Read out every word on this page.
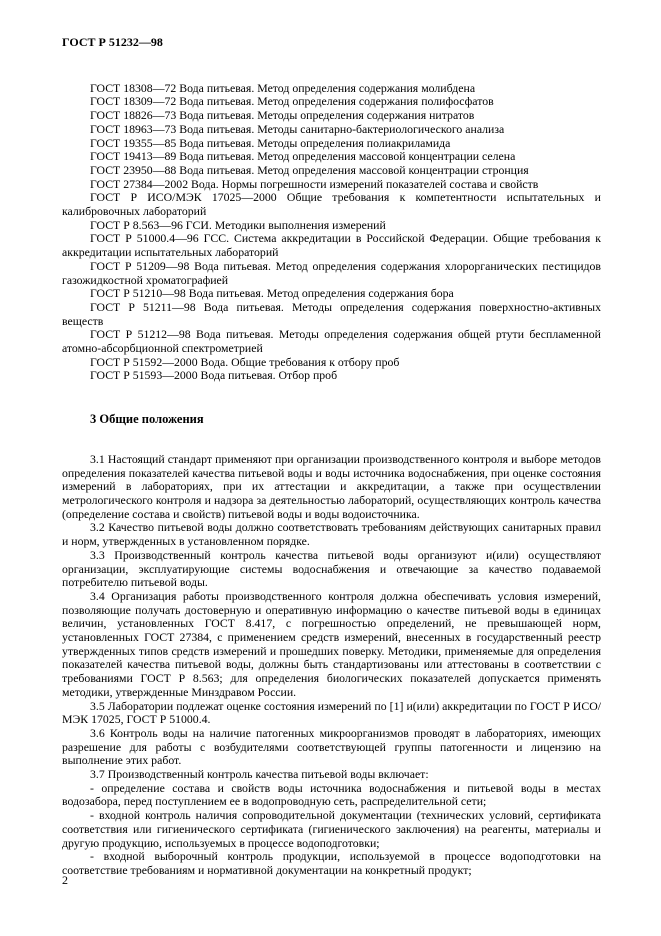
ГОСТ Р 51232—98

ГОСТ 18308—72 Вода питьевая. Метод определения содержания молибдена

ГОСТ 18309—72 Вода питьевая. Метод определения содержания полифосфатов

ГОСТ 18826—73 Вода питьевая. Методы определения содержания нитратов

ГОСТ 18963—73 Вода питьевая. Методы санитарно-бактериологического анализа

ГОСТ 19355—85 Вода питьевая. Методы определения полиакриламида

ГОСТ 19413—89 Вода питьевая. Метод определения массовой концентрации селена

ГОСТ 23950—88 Вода питьевая. Метод определения массовой концентрации стронция

ГОСТ 27384—2002 Вода. Нормы погрешности измерений показателей состава и свойств

ГОСТ Р ИСО/МЭК 17025—2000 Общие требования к компетентности испытательных и калибровочных лабораторий

ГОСТ Р 8.563—96 ГСИ. Методики выполнения измерений

ГОСТ Р 51000.4—96 ГСС. Система аккредитации в Российской Федерации. Общие требования к аккредитации испытательных лабораторий

ГОСТ Р 51209—98 Вода питьевая. Метод определения содержания хлорорганических пестицидов газожидкостной хроматографией

ГОСТ Р 51210—98 Вода питьевая. Метод определения содержания бора

ГОСТ Р 51211—98 Вода питьевая. Методы определения содержания поверхностно-активных веществ

ГОСТ Р 51212—98 Вода питьевая. Методы определения содержания общей ртути беспламенной атомно-абсорбционной спектрометрией

ГОСТ Р 51592—2000 Вода. Общие требования к отбору проб

ГОСТ Р 51593—2000 Вода питьевая. Отбор проб

3 Общие положения

3.1 Настоящий стандарт применяют при организации производственного контроля и выборе методов определения показателей качества питьевой воды и воды источника водоснабжения, при оценке состояния измерений в лабораториях, при их аттестации и аккредитации, а также при осуществлении метрологического контроля и надзора за деятельностью лабораторий, осуществляющих контроль качества (определение состава и свойств) питьевой воды и воды водоисточника.

3.2 Качество питьевой воды должно соответствовать требованиям действующих санитарных правил и норм, утвержденных в установленном порядке.

3.3 Производственный контроль качества питьевой воды организуют и(или) осуществляют организации, эксплуатирующие системы водоснабжения и отвечающие за качество подаваемой потребителю питьевой воды.

3.4 Организация работы производственного контроля должна обеспечивать условия измерений, позволяющие получать достоверную и оперативную информацию о качестве питьевой воды в единицах величин, установленных ГОСТ 8.417, с погрешностью определений, не превышающей норм, установленных ГОСТ 27384, с применением средств измерений, внесенных в государственный реестр утвержденных типов средств измерений и прошедших поверку. Методики, применяемые для определения показателей качества питьевой воды, должны быть стандартизованы или аттестованы в соответствии с требованиями ГОСТ Р 8.563; для определения биологических показателей допускается применять методики, утвержденные Минздравом России.

3.5 Лаборатории подлежат оценке состояния измерений по [1] и(или) аккредитации по ГОСТ Р ИСО/МЭК 17025, ГОСТ Р 51000.4.

3.6 Контроль воды на наличие патогенных микроорганизмов проводят в лабораториях, имеющих разрешение для работы с возбудителями соответствующей группы патогенности и лицензию на выполнение этих работ.

3.7 Производственный контроль качества питьевой воды включает:

- определение состава и свойств воды источника водоснабжения и питьевой воды в местах водозабора, перед поступлением ее в водопроводную сеть, распределительной сети;

- входной контроль наличия сопроводительной документации (технических условий, сертификата соответствия или гигиенического сертификата (гигиенического заключения) на реагенты, материалы и другую продукцию, используемых в процессе водоподготовки;

- входной выборочный контроль продукции, используемой в процессе водоподготовки на соответствие требованиям и нормативной документации на конкретный продукт;

2
